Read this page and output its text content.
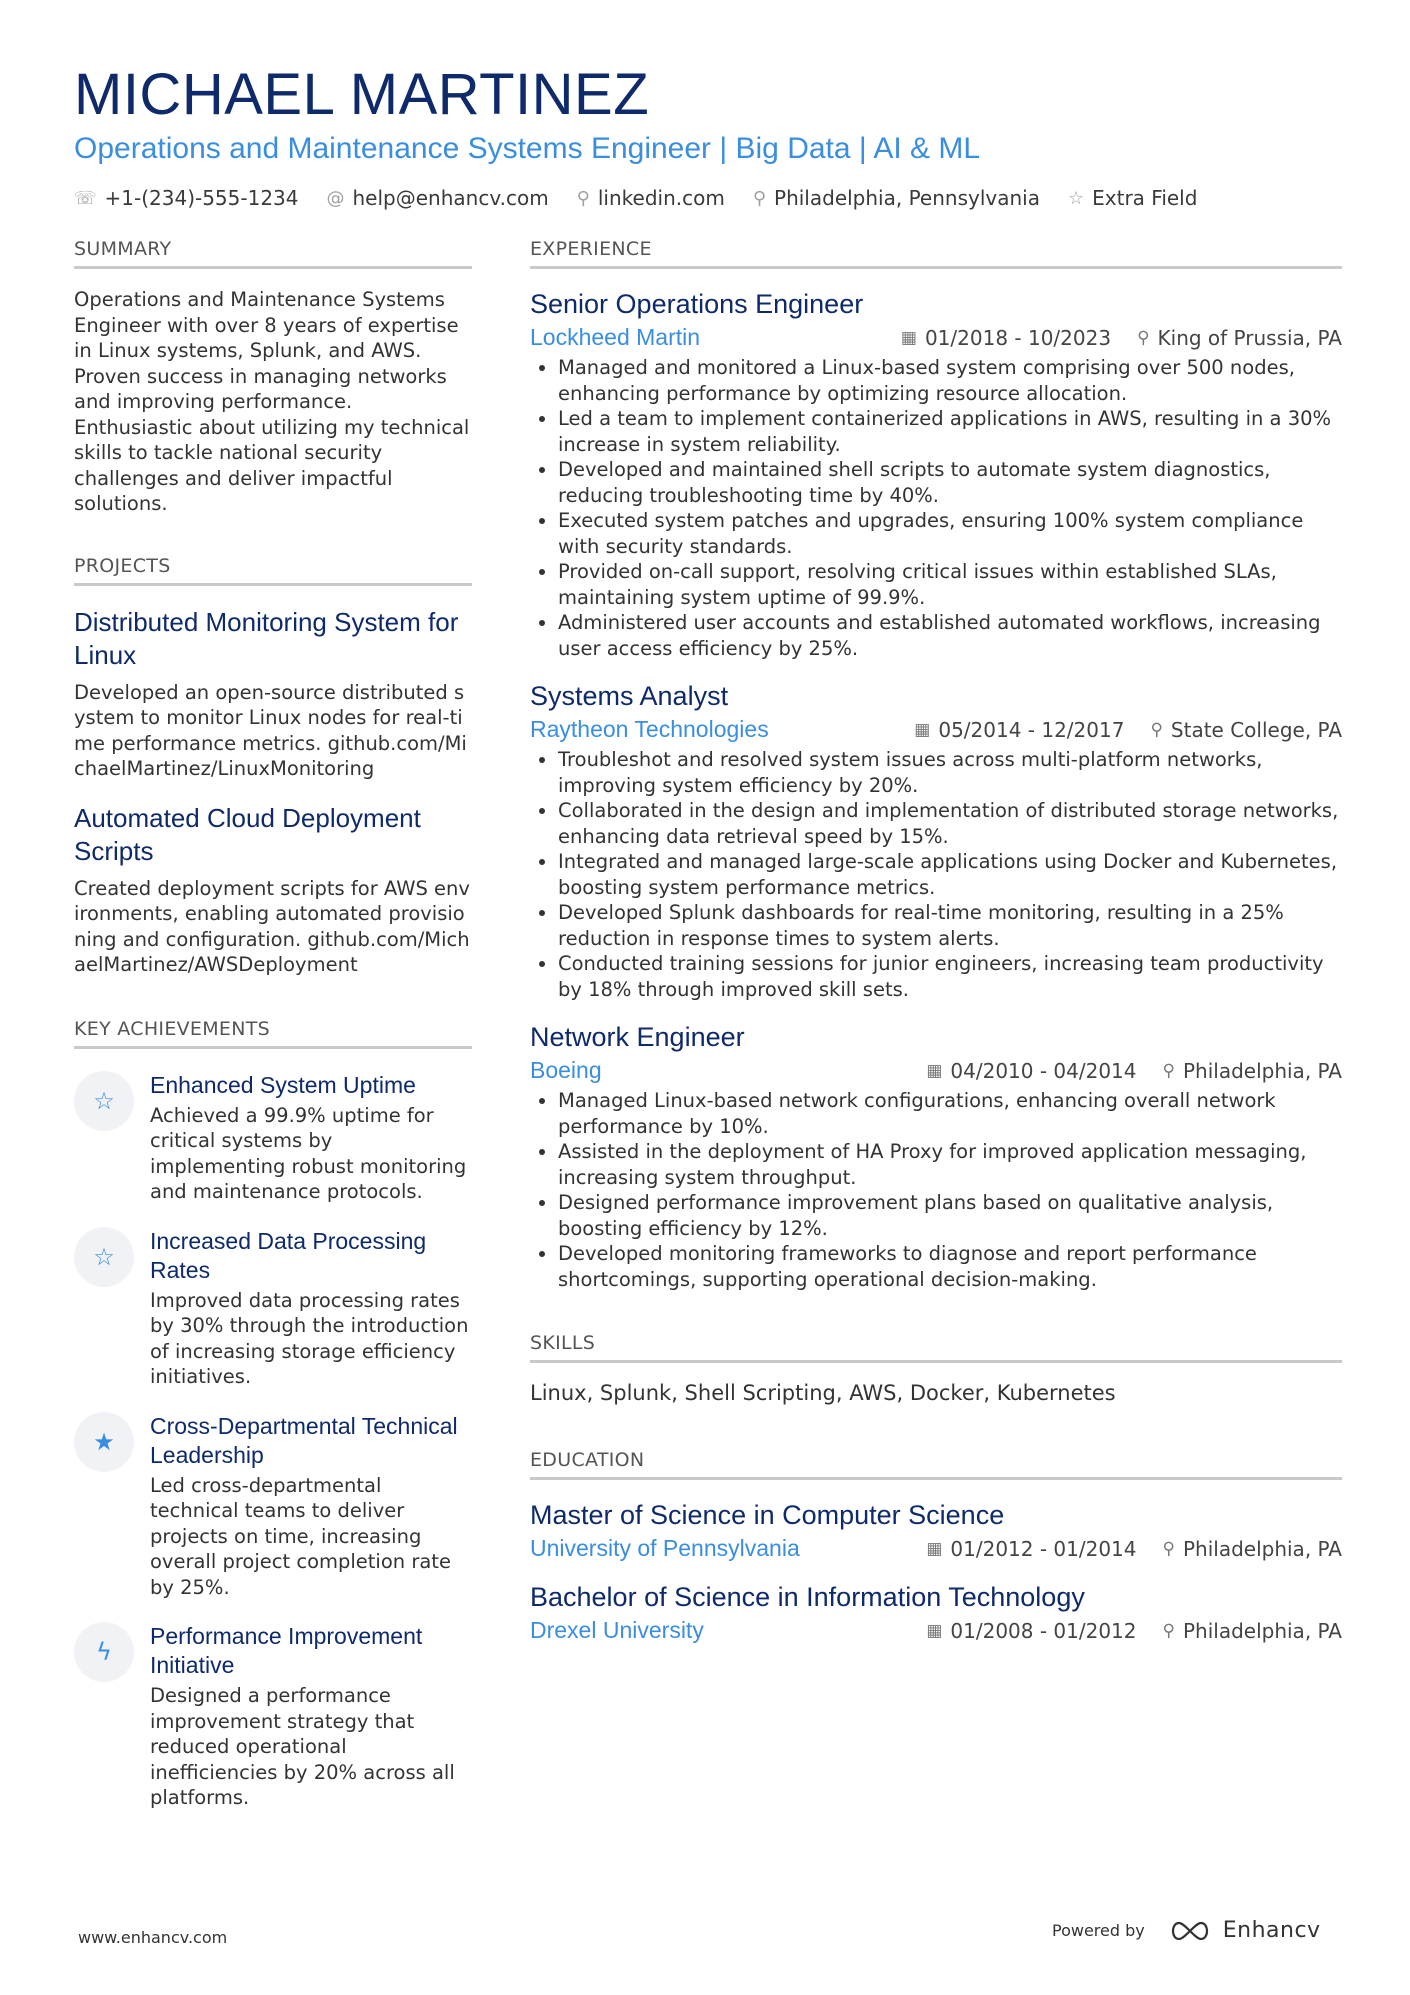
MICHAEL MARTINEZ
Operations and Maintenance Systems Engineer | Big Data | AI & ML
☏ +1-(234)-555-1234 @ help@enhancv.com ⚲ linkedin.com ⚲ Philadelphia, Pennsylvania ☆ Extra Field
SUMMARY
Operations and Maintenance Systems Engineer with over 8 years of expertise in Linux systems, Splunk, and AWS. Proven success in managing networks and improving performance. Enthusiastic about utilizing my technical skills to tackle national security challenges and deliver impactful solutions.
PROJECTS
Distributed Monitoring System for Linux
Developed an open-source distributed system to monitor Linux nodes for real-time performance metrics. github.com/MichaelMartinez/LinuxMonitoring
Automated Cloud Deployment Scripts
Created deployment scripts for AWS environments, enabling automated provisioning and configuration. github.com/MichaelMartinez/AWSDeployment
KEY ACHIEVEMENTS
☆
Enhanced System Uptime
Achieved a 99.9% uptime for critical systems by implementing robust monitoring and maintenance protocols.
☆
Increased Data Processing Rates
Improved data processing rates by 30% through the introduction of increasing storage efficiency initiatives.
★
Cross-Departmental Technical Leadership
Led cross-departmental technical teams to deliver projects on time, increasing overall project completion rate by 25%.
ϟ
Performance Improvement Initiative
Designed a performance improvement strategy that reduced operational inefficiencies by 20% across all platforms.
EXPERIENCE
Senior Operations Engineer
Lockheed Martin	▦ 01/2018 - 10/2023 ⚲ King of Prussia, PA
• Managed and monitored a Linux-based system comprising over 500 nodes, enhancing performance by optimizing resource allocation.
• Led a team to implement containerized applications in AWS, resulting in a 30% increase in system reliability.
• Developed and maintained shell scripts to automate system diagnostics, reducing troubleshooting time by 40%.
• Executed system patches and upgrades, ensuring 100% system compliance with security standards.
• Provided on-call support, resolving critical issues within established SLAs, maintaining system uptime of 99.9%.
• Administered user accounts and established automated workflows, increasing user access efficiency by 25%.
Systems Analyst
Raytheon Technologies	▦ 05/2014 - 12/2017 ⚲ State College, PA
• Troubleshot and resolved system issues across multi-platform networks, improving system efficiency by 20%.
• Collaborated in the design and implementation of distributed storage networks, enhancing data retrieval speed by 15%.
• Integrated and managed large-scale applications using Docker and Kubernetes, boosting system performance metrics.
• Developed Splunk dashboards for real-time monitoring, resulting in a 25% reduction in response times to system alerts.
• Conducted training sessions for junior engineers, increasing team productivity by 18% through improved skill sets.
Network Engineer
Boeing	▦ 04/2010 - 04/2014 ⚲ Philadelphia, PA
• Managed Linux-based network configurations, enhancing overall network performance by 10%.
• Assisted in the deployment of HA Proxy for improved application messaging, increasing system throughput.
• Designed performance improvement plans based on qualitative analysis, boosting efficiency by 12%.
• Developed monitoring frameworks to diagnose and report performance shortcomings, supporting operational decision-making.
SKILLS
Linux, Splunk, Shell Scripting, AWS, Docker, Kubernetes
EDUCATION
Master of Science in Computer Science
University of Pennsylvania	▦ 01/2012 - 01/2014 ⚲ Philadelphia, PA
Bachelor of Science in Information Technology
Drexel University	▦ 01/2008 - 01/2012 ⚲ Philadelphia, PA
www.enhancv.com	Powered by	Enhancv
